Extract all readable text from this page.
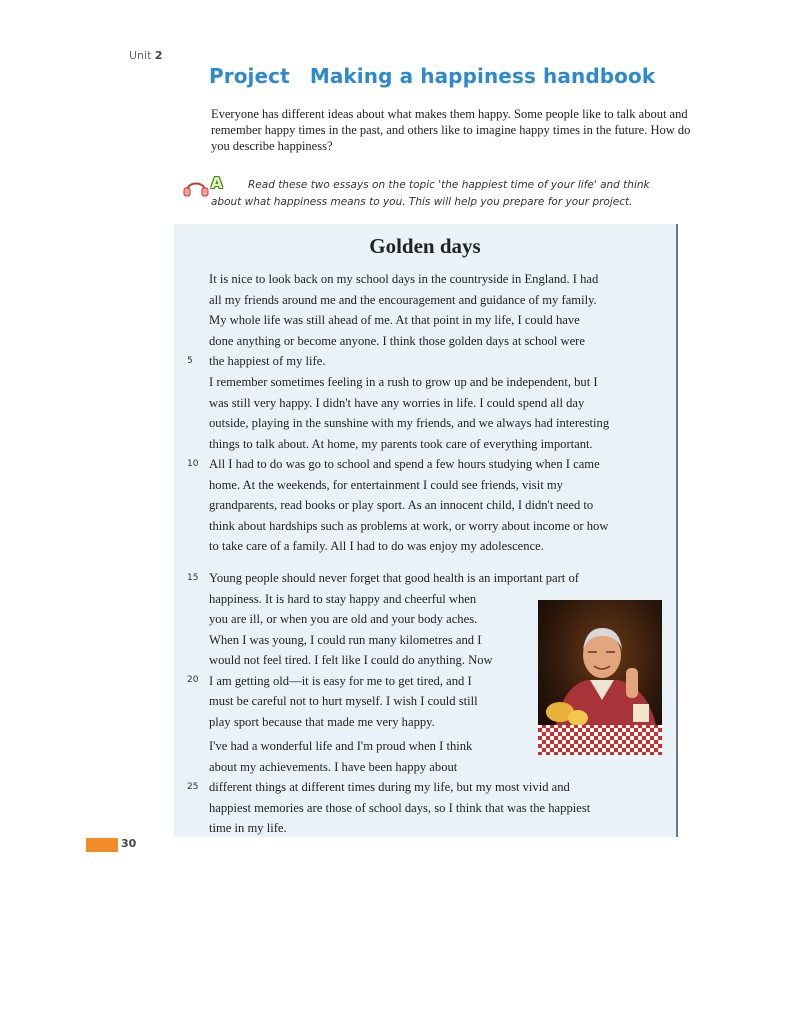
Unit 2
Project Making a happiness handbook

Everyone has different ideas about what makes them happy. Some people like to talk about and remember happy times in the past, and others like to imagine happy times in the future. How do you describe happiness?

A	Read these two essays on the topic 'the happiest time of your life' and think about what happiness means to you. This will help you prepare for your project.

Golden days
It is nice to look back on my school days in the countryside in England. I had
all my friends around me and the encouragement and guidance of my family.
My whole life was still ahead of me. At that point in my life, I could have
done anything or become anyone. I think those golden days at school were
the happiest of my life.
I remember sometimes feeling in a rush to grow up and be independent, but I
was still very happy. I didn't have any worries in life. I could spend all day
outside, playing in the sunshine with my friends, and we always had interesting
things to talk about. At home, my parents took care of everything important.
All I had to do was go to school and spend a few hours studying when I came
home. At the weekends, for entertainment I could see friends, visit my
grandparents, read books or play sport. As an innocent child, I didn't need to
think about hardships such as problems at work, or worry about income or how
to take care of a family. All I had to do was enjoy my adolescence.
Young people should never forget that good health is an important part of
happiness. It is hard to stay happy and cheerful when
you are ill, or when you are old and your body aches.
When I was young, I could run many kilometres and I
would not feel tired. I felt like I could do anything. Now
I am getting old—it is easy for me to get tired, and I
must be careful not to hurt myself. I wish I could still
play sport because that made me very happy.
I've had a wonderful life and I'm proud when I think
about my achievements. I have been happy about
different things at different times during my life, but my most vivid and
happiest memories are those of school days, so I think that was the happiest
time in my life.
5
10
15
20
25
30
